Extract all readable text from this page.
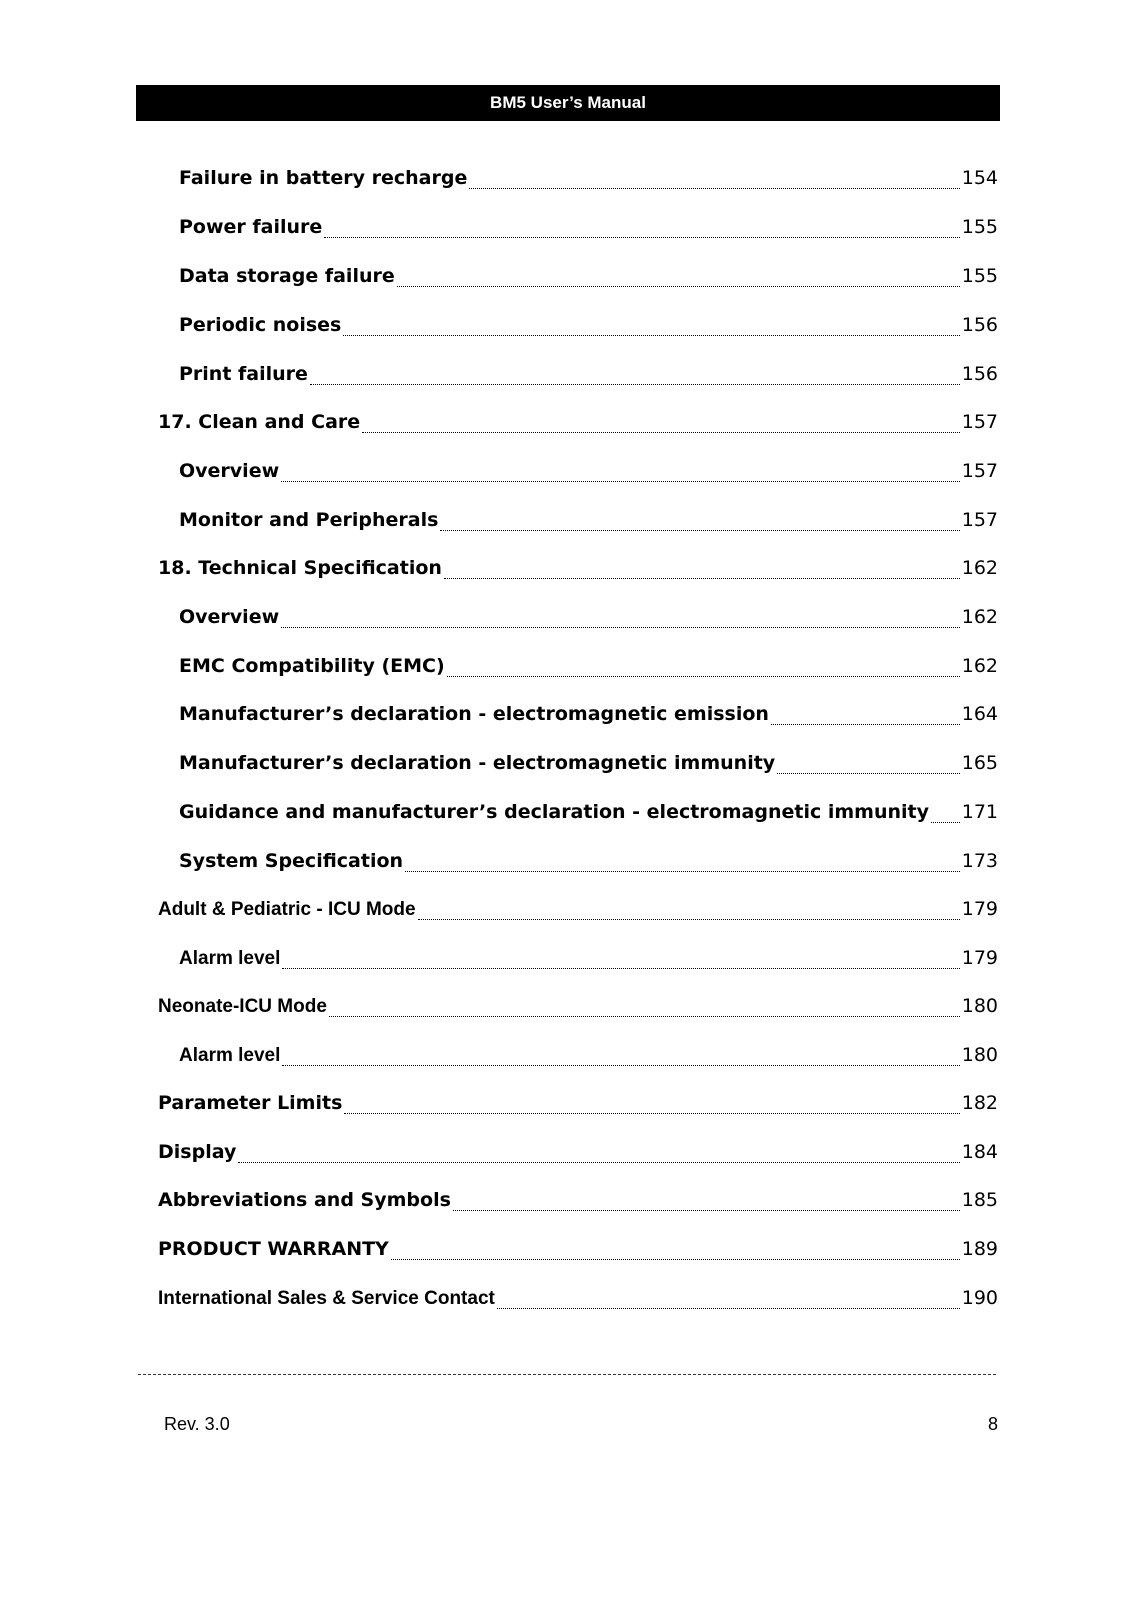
BM5 User’s Manual
Failure in battery recharge	154
Power failure	155
Data storage failure	155
Periodic noises	156
Print failure	156
17. Clean and Care	157
Overview	157
Monitor and Peripherals	157
18. Technical Specification	162
Overview	162
EMC Compatibility (EMC)	162
Manufacturer’s declaration - electromagnetic emission	164
Manufacturer’s declaration - electromagnetic immunity	165
Guidance and manufacturer’s declaration - electromagnetic immunity 171
System Specification	173
Adult & Pediatric - ICU Mode	179
Alarm level	179
Neonate-ICU Mode	180
Alarm level	180
Parameter Limits	182
Display	184
Abbreviations and Symbols	185
PRODUCT WARRANTY	189
International Sales & Service Contact	190
Rev. 3.0	8
